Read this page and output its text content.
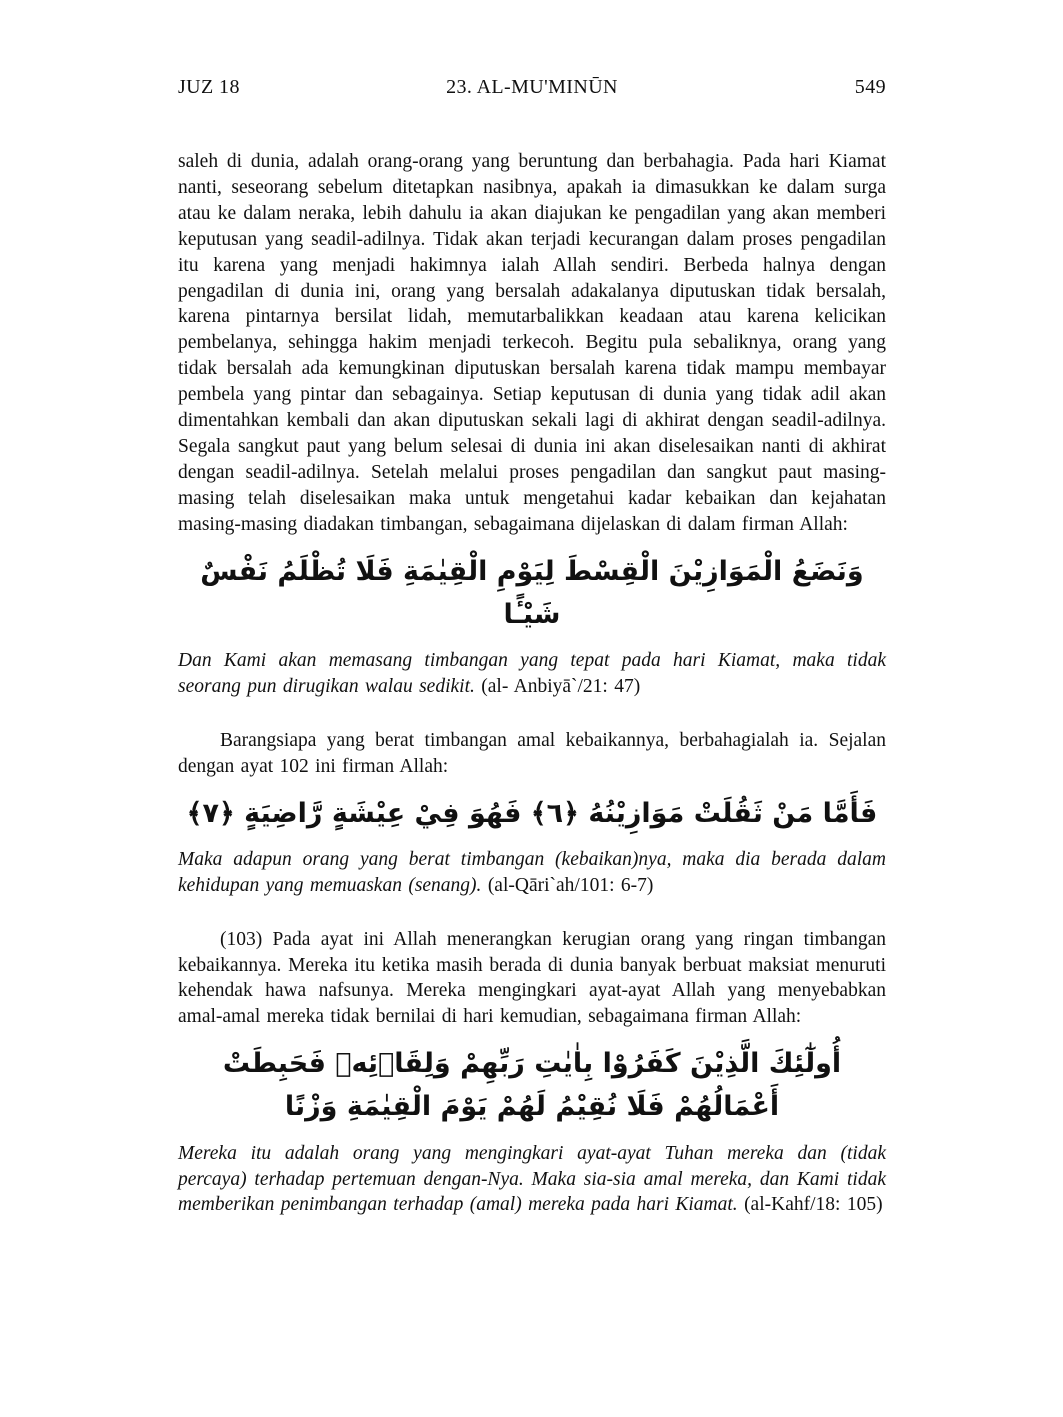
JUZ 18	23. AL-MU'MINŪN	549

saleh di dunia, adalah orang-orang yang beruntung dan berbahagia. Pada hari Kiamat nanti, seseorang sebelum ditetapkan nasibnya, apakah ia dimasukkan ke dalam surga atau ke dalam neraka, lebih dahulu ia akan diajukan ke pengadilan yang akan memberi keputusan yang seadil-adilnya. Tidak akan terjadi kecurangan dalam proses pengadilan itu karena yang menjadi hakimnya ialah Allah sendiri. Berbeda halnya dengan pengadilan di dunia ini, orang yang bersalah adakalanya diputuskan tidak bersalah, karena pintarnya bersilat lidah, memutarbalikkan keadaan atau karena kelicikan pembelanya, sehingga hakim menjadi terkecoh. Begitu pula sebaliknya, orang yang tidak bersalah ada kemungkinan diputuskan bersalah karena tidak mampu membayar pembela yang pintar dan sebagainya. Setiap keputusan di dunia yang tidak adil akan dimentahkan kembali dan akan diputuskan sekali lagi di akhirat dengan seadil-adilnya. Segala sangkut paut yang belum selesai di dunia ini akan diselesaikan nanti di akhirat dengan seadil-adilnya. Setelah melalui proses pengadilan dan sangkut paut masing-masing telah diselesaikan maka untuk mengetahui kadar kebaikan dan kejahatan masing-masing diadakan timbangan, sebagaimana dijelaskan di dalam firman Allah:

وَنَضَعُ الْمَوَازِيْنَ الْقِسْطَ لِيَوْمِ الْقِيٰمَةِ فَلَا تُظْلَمُ نَفْسٌ شَيْـًٔا

Dan Kami akan memasang timbangan yang tepat pada hari Kiamat, maka tidak seorang pun dirugikan walau sedikit. (al- Anbiyā`/21: 47)

Barangsiapa yang berat timbangan amal kebaikannya, berbahagialah ia. Sejalan dengan ayat 102 ini firman Allah:

فَأَمَّا مَنْ ثَقُلَتْ مَوَازِيْنُهُ ﴿٦﴾ فَهُوَ فِيْ عِيْشَةٍ رَّاضِيَةٍ ﴿٧﴾

Maka adapun orang yang berat timbangan (kebaikan)nya, maka dia berada dalam kehidupan yang memuaskan (senang). (al-Qāri`ah/101: 6-7)

(103) Pada ayat ini Allah menerangkan kerugian orang yang ringan timbangan kebaikannya. Mereka itu ketika masih berada di dunia banyak berbuat maksiat menuruti kehendak hawa nafsunya. Mereka mengingkari ayat-ayat Allah yang menyebabkan amal-amal mereka tidak bernilai di hari kemudian, sebagaimana firman Allah:

أُولٰٓئِكَ الَّذِيْنَ كَفَرُوْا بِاٰيٰتِ رَبِّهِمْ وَلِقَاۤئِهٖ فَحَبِطَتْ أَعْمَالُهُمْ فَلَا نُقِيْمُ لَهُمْ يَوْمَ الْقِيٰمَةِ وَزْنًا

Mereka itu adalah orang yang mengingkari ayat-ayat Tuhan mereka dan (tidak percaya) terhadap pertemuan dengan-Nya. Maka sia-sia amal mereka, dan Kami tidak memberikan penimbangan terhadap (amal) mereka pada hari Kiamat. (al-Kahf/18: 105)
